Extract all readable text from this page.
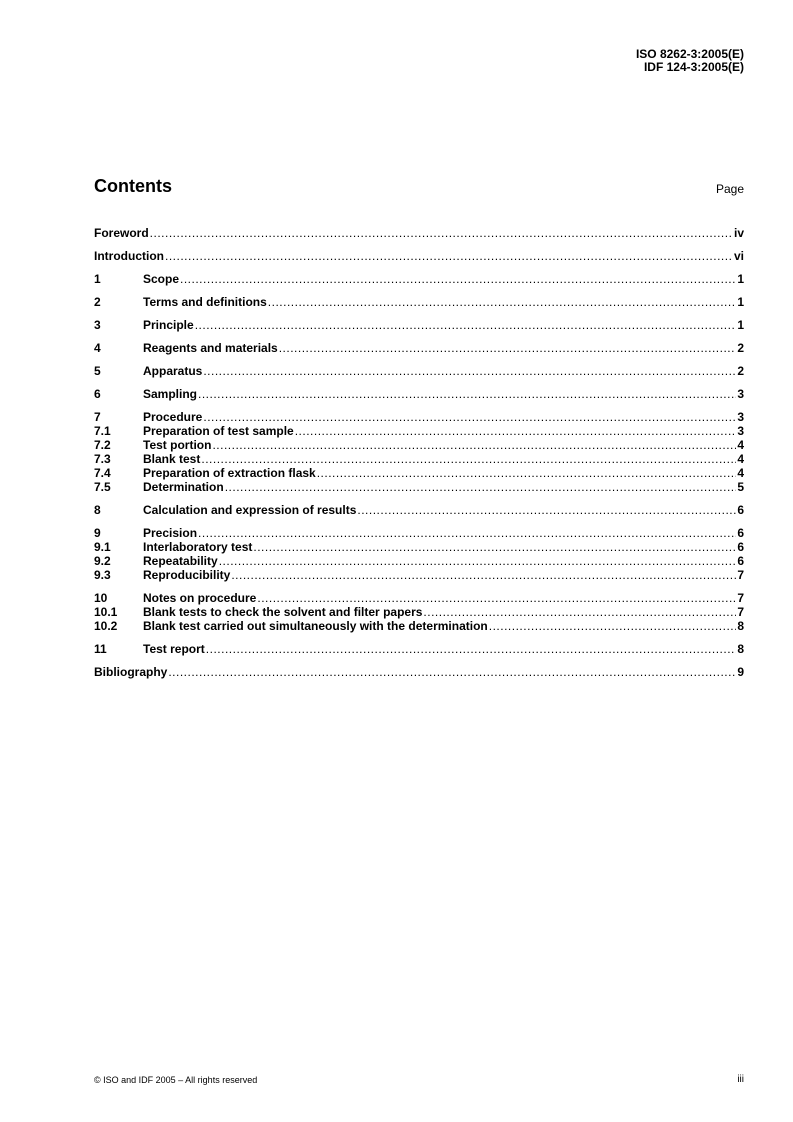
ISO 8262-3:2005(E)
IDF 124-3:2005(E)
Contents	Page
Foreword .....	iv
Introduction .....	vi
1	Scope .....	1
2	Terms and definitions .....	1
3	Principle .....	1
4	Reagents and materials .....	2
5	Apparatus .....	2
6	Sampling .....	3
7	Procedure .....	3
7.1	Preparation of test sample .....	3
7.2	Test portion .....	4
7.3	Blank test .....	4
7.4	Preparation of extraction flask .....	4
7.5	Determination .....	5
8	Calculation and expression of results .....	6
9	Precision .....	6
9.1	Interlaboratory test .....	6
9.2	Repeatability .....	6
9.3	Reproducibility .....	7
10	Notes on procedure .....	7
10.1	Blank tests to check the solvent and filter papers .....	7
10.2	Blank test carried out simultaneously with the determination .....	8
11	Test report .....	8
Bibliography .....	9
© ISO and IDF 2005 – All rights reserved	iii
